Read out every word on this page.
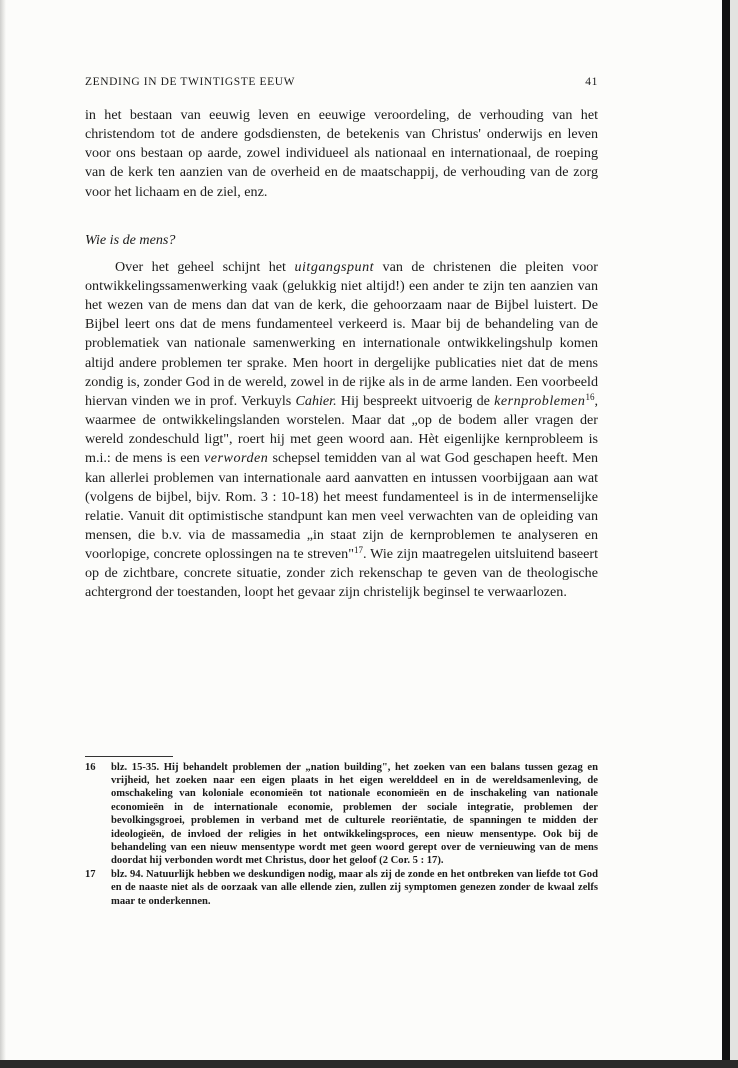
ZENDING IN DE TWINTIGSTE EEUW	41

in het bestaan van eeuwig leven en eeuwige veroordeling, de verhouding van het christendom tot de andere godsdiensten, de betekenis van Christus' onderwijs en leven voor ons bestaan op aarde, zowel individueel als nationaal en internationaal, de roeping van de kerk ten aanzien van de overheid en de maatschappij, de verhouding van de zorg voor het lichaam en de ziel, enz.

Wie is de mens?

Over het geheel schijnt het uitgangspunt van de christenen die pleiten voor ontwikkelingssamenwerking vaak (gelukkig niet altijd!) een ander te zijn ten aanzien van het wezen van de mens dan dat van de kerk, die gehoorzaam naar de Bijbel luistert. De Bijbel leert ons dat de mens fundamenteel verkeerd is. Maar bij de behandeling van de problematiek van nationale samenwerking en internationale ontwikkelingshulp komen altijd andere problemen ter sprake. Men hoort in dergelijke publicaties niet dat de mens zondig is, zonder God in de wereld, zowel in de rijke als in de arme landen. Een voorbeeld hiervan vinden we in prof. Verkuyls Cahier. Hij bespreekt uitvoerig de kernproblemen$^{16}$, waarmee de ontwikkelingslanden worstelen. Maar dat „op de bodem aller vragen der wereld zondeschuld ligt", roert hij met geen woord aan. Hèt eigenlijke kernprobleem is m.i.: de mens is een verworden schepsel temidden van al wat God geschapen heeft. Men kan allerlei problemen van internationale aard aanvatten en intussen voorbijgaan aan wat (volgens de bijbel, bijv. Rom. 3 : 10-18) het meest fundamenteel is in de intermenselijke relatie. Vanuit dit optimistische standpunt kan men veel verwachten van de opleiding van mensen, die b.v. via de massamedia „in staat zijn de kernproblemen te analyseren en voorlopige, concrete oplossingen na te streven"$^{17}$. Wie zijn maatregelen uitsluitend baseert op de zichtbare, concrete situatie, zonder zich rekenschap te geven van de theologische achtergrond der toestanden, loopt het gevaar zijn christelijk beginsel te verwaarlozen.

16	blz. 15-35. Hij behandelt problemen der „nation building", het zoeken van een balans tussen gezag en vrijheid, het zoeken naar een eigen plaats in het eigen werelddeel en in de wereldsamenleving, de omschakeling van koloniale economieën tot nationale economieën en de inschakeling van nationale economieën in de internationale economie, problemen der sociale integratie, problemen der bevolkingsgroei, problemen in verband met de culturele reoriëntatie, de spanningen te midden der ideologieën, de invloed der religies in het ontwikkelingsproces, een nieuw mensentype. Ook bij de behandeling van een nieuw mensentype wordt met geen woord gerept over de vernieuwing van de mens doordat hij verbonden wordt met Christus, door het geloof (2 Cor. 5 : 17).
17	blz. 94. Natuurlijk hebben we deskundigen nodig, maar als zij de zonde en het ontbreken van liefde tot God en de naaste niet als de oorzaak van alle ellende zien, zullen zij symptomen genezen zonder de kwaal zelfs maar te onderkennen.
